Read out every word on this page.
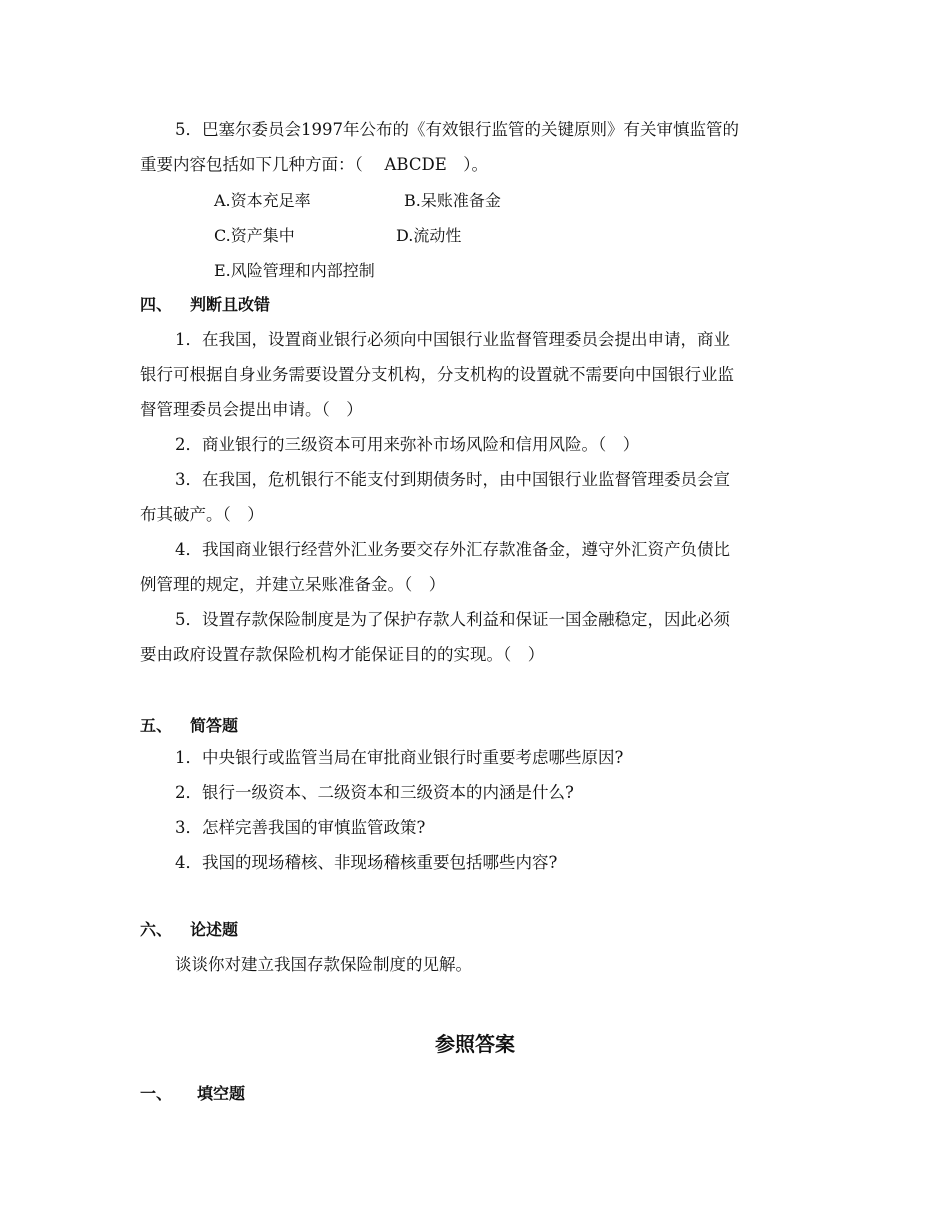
5．巴塞尔委员会1997年公布的《有效银行监管的关键原则》有关审慎监管的
重要内容包括如下几种方面：（　 ABCDE　）。
A.资本充足率	B.呆账准备金
C.资产集中	D.流动性
E.风险管理和内部控制
四、 判断且改错
1．在我国，设置商业银行必须向中国银行业监督管理委员会提出申请，商业
银行可根据自身业务需要设置分支机构，分支机构的设置就不需要向中国银行业监
督管理委员会提出申请。（　）
2．商业银行的三级资本可用来弥补市场风险和信用风险。（　）
3．在我国，危机银行不能支付到期债务时，由中国银行业监督管理委员会宣
布其破产。（　）
4．我国商业银行经营外汇业务要交存外汇存款准备金，遵守外汇资产负债比
例管理的规定，并建立呆账准备金。（　）
5．设置存款保险制度是为了保护存款人利益和保证一国金融稳定，因此必须
要由政府设置存款保险机构才能保证目的的实现。（　）
五、 简答题
1．中央银行或监管当局在审批商业银行时重要考虑哪些原因?
2．银行一级资本、二级资本和三级资本的内涵是什么?
3．怎样完善我国的审慎监管政策?
4．我国的现场稽核、非现场稽核重要包括哪些内容?
六、 论述题
谈谈你对建立我国存款保险制度的见解。
参照答案
一、 填空题
